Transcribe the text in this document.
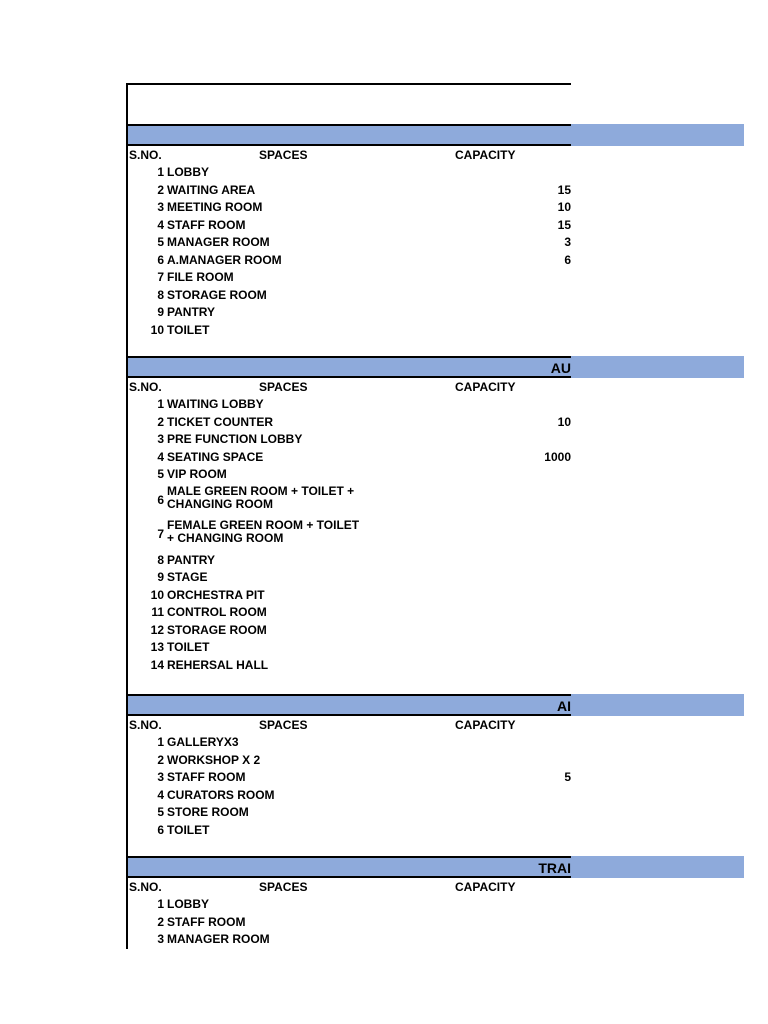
S.NO.	SPACES	CAPACITY
1 LOBBY
2 WAITING AREA	15
3 MEETING ROOM	10
4 STAFF ROOM	15
5 MANAGER ROOM	3
6 A.MANAGER ROOM	6
7 FILE ROOM
8 STORAGE ROOM
9 PANTRY
10 TOILET
AU
S.NO.	SPACES	CAPACITY
1 WAITING LOBBY
2 TICKET COUNTER	10
3 PRE FUNCTION LOBBY
4 SEATING SPACE	1000
5 VIP ROOM
6
MALE GREEN ROOM + TOILET + CHANGING ROOM
7
FEMALE GREEN ROOM + TOILET + CHANGING ROOM
8 PANTRY
9 STAGE
10 ORCHESTRA PIT
11 CONTROL ROOM
12 STORAGE ROOM
13 TOILET
14 REHERSAL HALL
AI
S.NO.	SPACES	CAPACITY
1 GALLERYX3
2 WORKSHOP X 2
3 STAFF ROOM	5
4 CURATORS ROOM
5 STORE ROOM
6 TOILET
TRAI
S.NO.	SPACES	CAPACITY
1 LOBBY
2 STAFF ROOM
3 MANAGER ROOM
